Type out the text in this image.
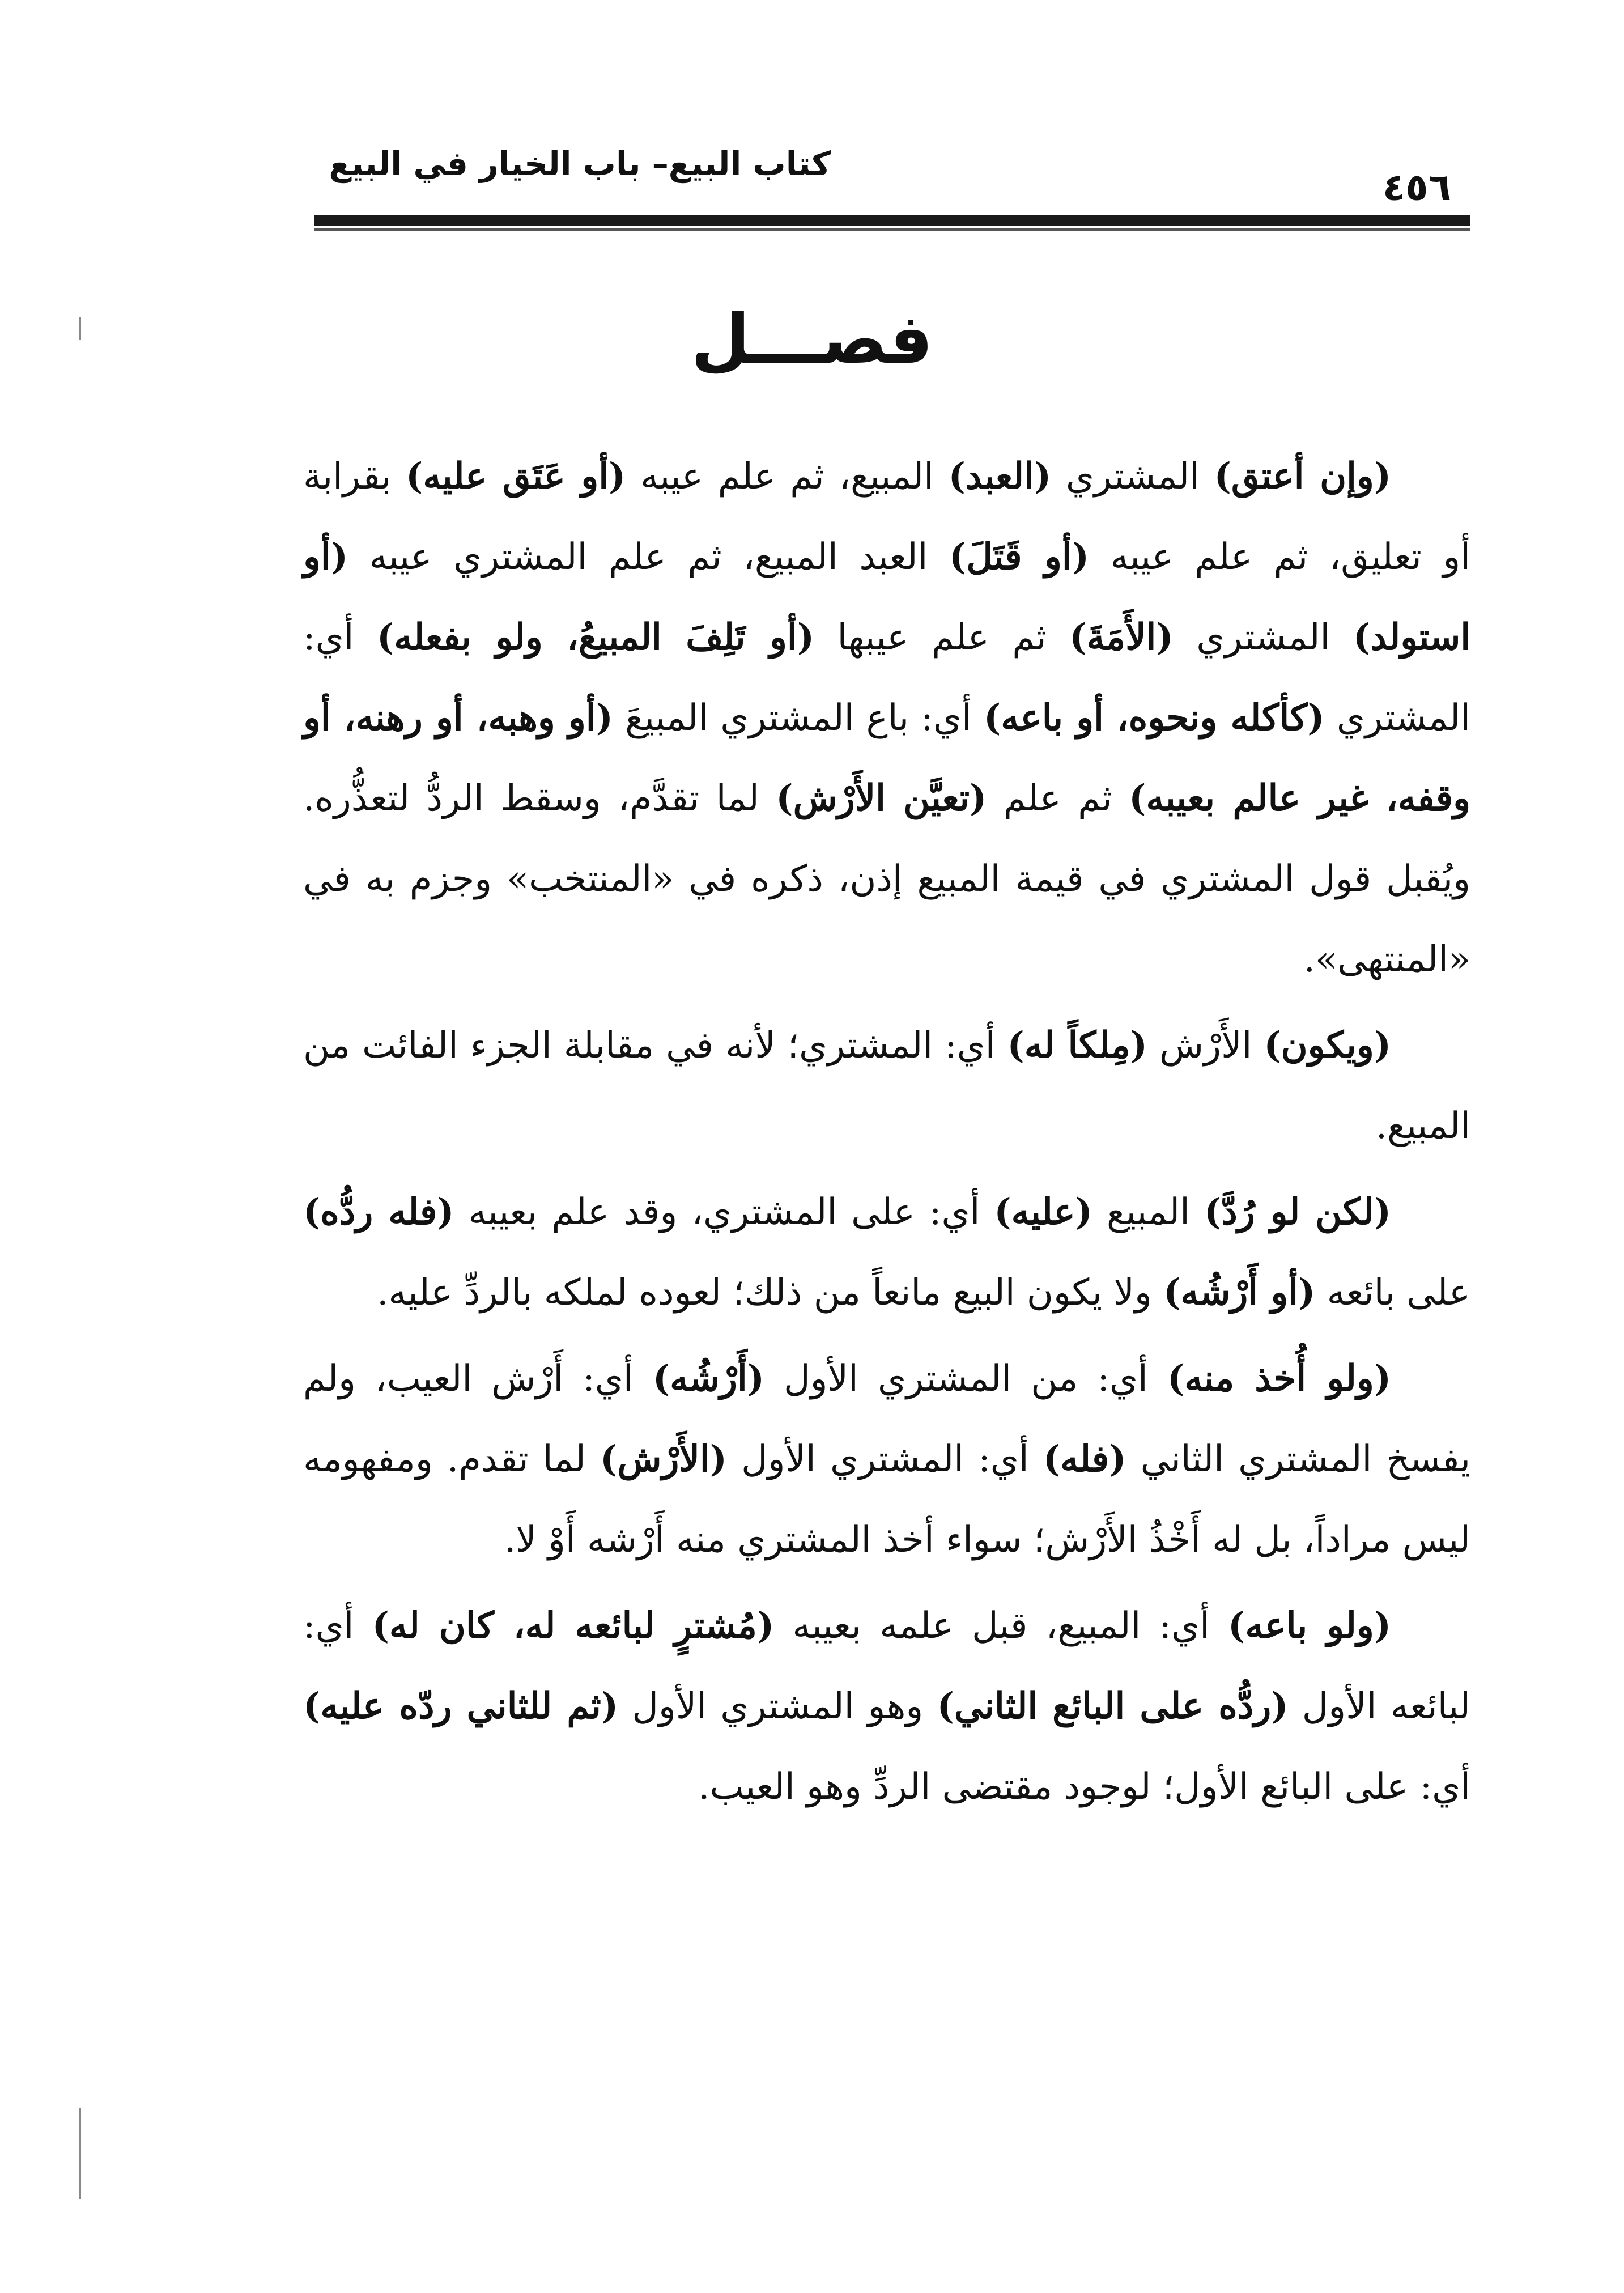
كتاب البيع– باب الخيار في البيع
٤٥٦
فصـــل

(وإن أعتق) المشتري (العبد) المبيع، ثم علم عيبه (أو عَتَق عليه) بقرابة أو تعليق، ثم علم عيبه (أو قَتَلَ) العبد المبيع، ثم علم المشتري عيبه (أو استولد) المشتري (الأَمَةَ) ثم علم عيبها (أو تَلِفَ المبيعُ، ولو بفعله) أي: المشتري (كأكله ونحوه، أو باعه) أي: باع المشتري المبيعَ (أو وهبه، أو رهنه، أو وقفه، غير عالم بعيبه) ثم علم (تعيَّن الأَرْش) لما تقدَّم، وسقط الردُّ لتعذُّره. ويُقبل قول المشتري في قيمة المبيع إذن، ذكره في «المنتخب» وجزم به في «المنتهى».

(ويكون) الأَرْش (مِلكاً له) أي: المشتري؛ لأنه في مقابلة الجزء الفائت من المبيع.

(لكن لو رُدَّ) المبيع (عليه) أي: على المشتري، وقد علم بعيبه (فله ردُّه) على بائعه (أو أَرْشُه) ولا يكون البيع مانعاً من ذلك؛ لعوده لملكه بالردِّ عليه.

(ولو أُخذ منه) أي: من المشتري الأول (أَرْشُه) أي: أَرْش العيب، ولم يفسخ المشتري الثاني (فله) أي: المشتري الأول (الأَرْش) لما تقدم. ومفهومه ليس مراداً، بل له أَخْذُ الأَرْش؛ سواء أخذ المشتري منه أَرْشه أَوْ لا.

(ولو باعه) أي: المبيع، قبل علمه بعيبه (مُشترٍ لبائعه له، كان له) أي: لبائعه الأول (ردُّه على البائع الثاني) وهو المشتري الأول (ثم للثاني ردّه عليه) أي: على البائع الأول؛ لوجود مقتضى الردِّ وهو العيب.
